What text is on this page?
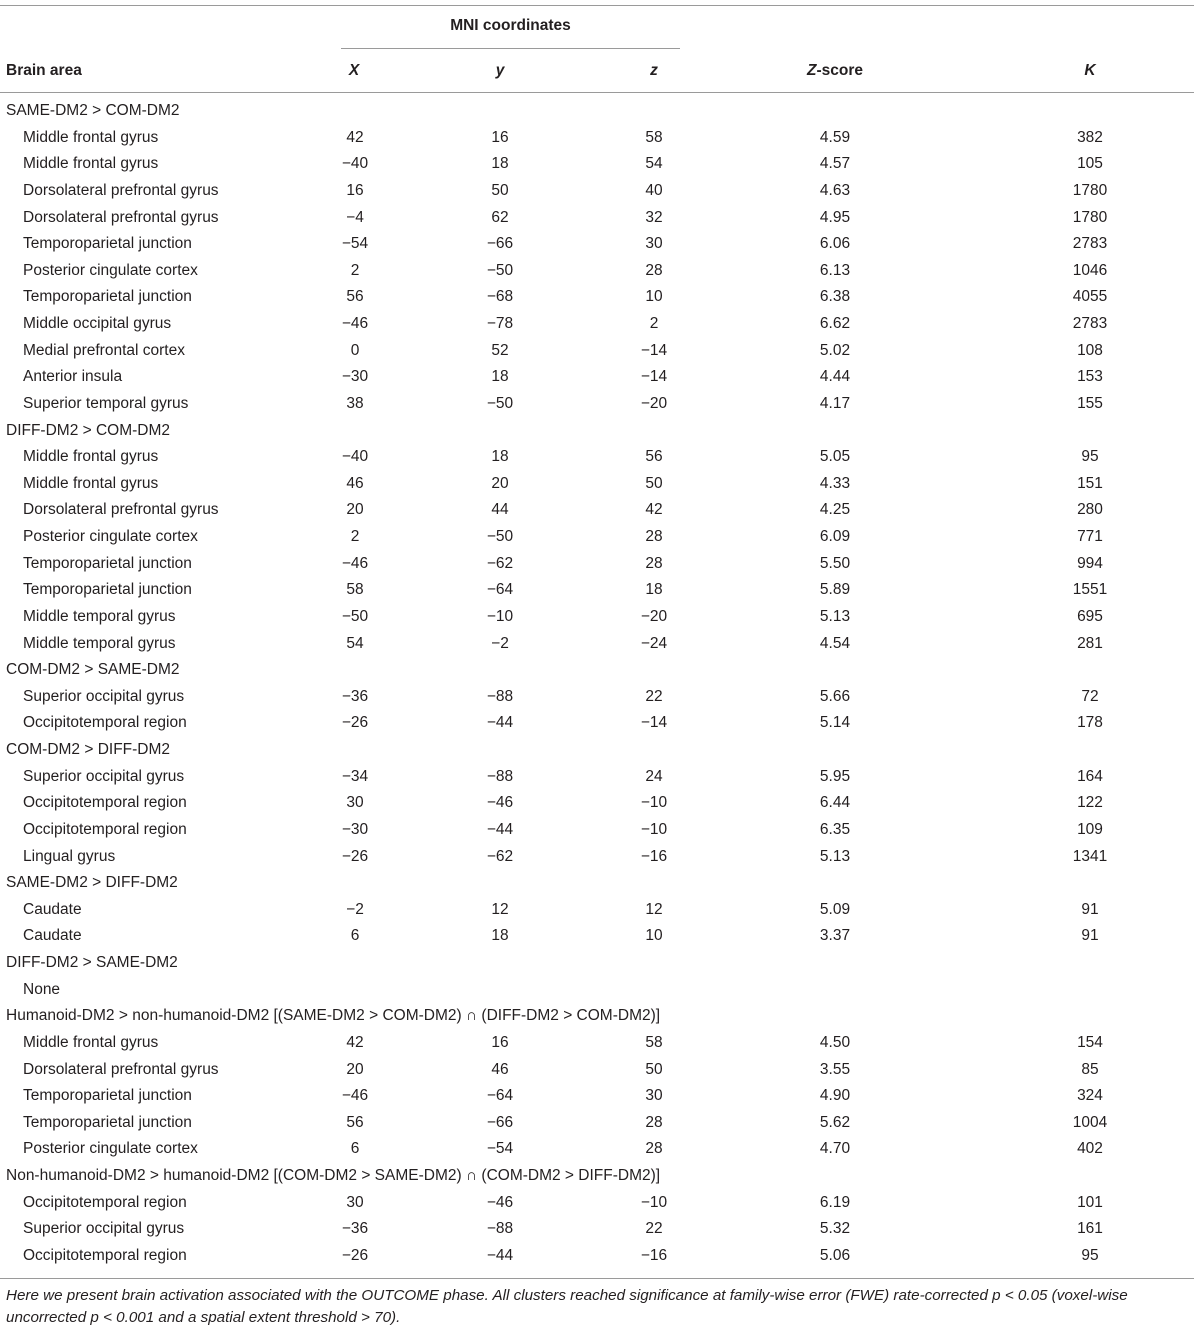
MNI coordinates
Brain area	X	y	z	Z-score	K
SAME-DM2 > COM-DM2
Middle frontal gyrus	42	16	58	4.59	382
Middle frontal gyrus	−40	18	54	4.57	105
Dorsolateral prefrontal gyrus	16	50	40	4.63	1780
Dorsolateral prefrontal gyrus	−4	62	32	4.95	1780
Temporoparietal junction	−54	−66	30	6.06	2783
Posterior cingulate cortex	2	−50	28	6.13	1046
Temporoparietal junction	56	−68	10	6.38	4055
Middle occipital gyrus	−46	−78	2	6.62	2783
Medial prefrontal cortex	0	52	−14	5.02	108
Anterior insula	−30	18	−14	4.44	153
Superior temporal gyrus	38	−50	−20	4.17	155
DIFF-DM2 > COM-DM2
Middle frontal gyrus	−40	18	56	5.05	95
Middle frontal gyrus	46	20	50	4.33	151
Dorsolateral prefrontal gyrus	20	44	42	4.25	280
Posterior cingulate cortex	2	−50	28	6.09	771
Temporoparietal junction	−46	−62	28	5.50	994
Temporoparietal junction	58	−64	18	5.89	1551
Middle temporal gyrus	−50	−10	−20	5.13	695
Middle temporal gyrus	54	−2	−24	4.54	281
COM-DM2 > SAME-DM2
Superior occipital gyrus	−36	−88	22	5.66	72
Occipitotemporal region	−26	−44	−14	5.14	178
COM-DM2 > DIFF-DM2
Superior occipital gyrus	−34	−88	24	5.95	164
Occipitotemporal region	30	−46	−10	6.44	122
Occipitotemporal region	−30	−44	−10	6.35	109
Lingual gyrus	−26	−62	−16	5.13	1341
SAME-DM2 > DIFF-DM2
Caudate	−2	12	12	5.09	91
Caudate	6	18	10	3.37	91
DIFF-DM2 > SAME-DM2
None
Humanoid-DM2 > non-humanoid-DM2 [(SAME-DM2 > COM-DM2) ∩ (DIFF-DM2 > COM-DM2)]
Middle frontal gyrus	42	16	58	4.50	154
Dorsolateral prefrontal gyrus	20	46	50	3.55	85
Temporoparietal junction	−46	−64	30	4.90	324
Temporoparietal junction	56	−66	28	5.62	1004
Posterior cingulate cortex	6	−54	28	4.70	402
Non-humanoid-DM2 > humanoid-DM2 [(COM-DM2 > SAME-DM2) ∩ (COM-DM2 > DIFF-DM2)]
Occipitotemporal region	30	−46	−10	6.19	101
Superior occipital gyrus	−36	−88	22	5.32	161
Occipitotemporal region	−26	−44	−16	5.06	95
Here we present brain activation associated with the OUTCOME phase. All clusters reached significance at family-wise error (FWE) rate-corrected p < 0.05 (voxel-wise uncorrected p < 0.001 and a spatial extent threshold > 70).
